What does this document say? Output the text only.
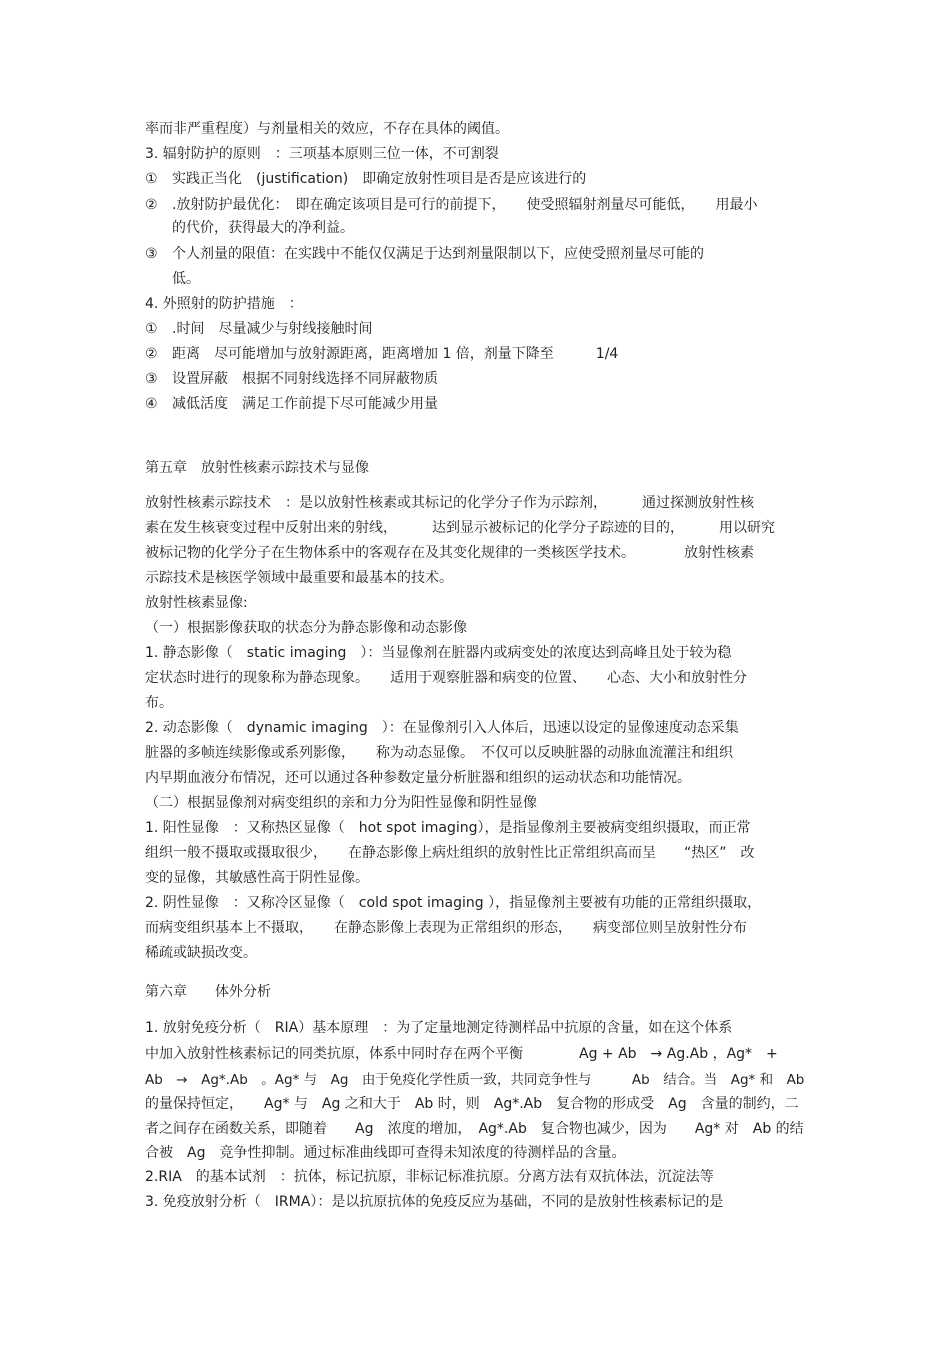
率而非严重程度）与剂量相关的效应，不存在具体的阈值。
3. 辐射防护的原则　：三项基本原则三位一体，不可割裂
① 实践正当化　(justification)　即确定放射性项目是否是应该进行的
② .放射防护最优化：　即在确定该项目是可行的前提下，　　使受照辐射剂量尽可能低，　　用最小
的代价，获得最大的净利益。
③ 个人剂量的限值：在实践中不能仅仅满足于达到剂量限制以下，应使受照剂量尽可能的
低。
4. 外照射的防护措施　：
① .时间　尽量减少与射线接触时间
② 距离　尽可能增加与放射源距离，距离增加 1 倍，剂量下降至　　　1/4
③ 设置屏蔽　根据不同射线选择不同屏蔽物质
④ 减低活度　满足工作前提下尽可能减少用量
第五章　放射性核素示踪技术与显像
放射性核素示踪技术　：是以放射性核素或其标记的化学分子作为示踪剂，　　　通过探测放射性核
素在发生核衰变过程中反射出来的射线，　　　达到显示被标记的化学分子踪迹的目的，　　　用以研究
被标记物的化学分子在生物体系中的客观存在及其变化规律的一类核医学技术。　　　　放射性核素
示踪技术是核医学领域中最重要和最基本的技术。
放射性核素显像:
（一）根据影像获取的状态分为静态影像和动态影像
1. 静态影像（　static imaging　）：当显像剂在脏器内或病变处的浓度达到高峰且处于较为稳
定状态时进行的现象称为静态现象。　　适用于观察脏器和病变的位置、　　心态、大小和放射性分
布。
2. 动态影像（　dynamic imaging　）：在显像剂引入人体后，迅速以设定的显像速度动态采集
脏器的多帧连续影像或系列影像，　　称为动态显像。　不仅可以反映脏器的动脉血流灌注和组织
内早期血液分布情况，还可以通过各种参数定量分析脏器和组织的运动状态和功能情况。
（二）根据显像剂对病变组织的亲和力分为阳性显像和阴性显像
1. 阳性显像　：又称热区显像（　hot spot imaging），是指显像剂主要被病变组织摄取，而正常
组织一般不摄取或摄取很少，　　在静态影像上病灶组织的放射性比正常组织高而呈　　“热区”　改
变的显像，其敏感性高于阴性显像。
2. 阴性显像　：又称冷区显像（　cold spot imaging ），指显像剂主要被有功能的正常组织摄取，
而病变组织基本上不摄取，　　在静态影像上表现为正常组织的形态，　　病变部位则呈放射性分布
稀疏或缺损改变。
第六章　　体外分析
1. 放射免疫分析（　RIA）基本原理　：为了定量地测定待测样品中抗原的含量，如在这个体系
中加入放射性核素标记的同类抗原，体系中同时存在两个平衡　　　　Ag + Ab　→ Ag.Ab ，Ag*　+
Ab　→　Ag*.Ab　。Ag* 与　Ag　由于免疫化学性质一致，共同竞争性与　　　Ab　结合。当　Ag* 和　Ab
的量保持恒定，　　Ag* 与　Ag 之和大于　Ab 时，则　Ag*.Ab　复合物的形成受　Ag　含量的制约，二
者之间存在函数关系，即随着　　Ag　浓度的增加，　Ag*.Ab　复合物也减少，因为　　Ag* 对　Ab 的结
合被　Ag　竞争性抑制。通过标准曲线即可查得未知浓度的待测样品的含量。
2.RIA　的基本试剂　：抗体，标记抗原，非标记标准抗原。分离方法有双抗体法，沉淀法等
3. 免疫放射分析（　IRMA）：是以抗原抗体的免疫反应为基础，不同的是放射性核素标记的是
